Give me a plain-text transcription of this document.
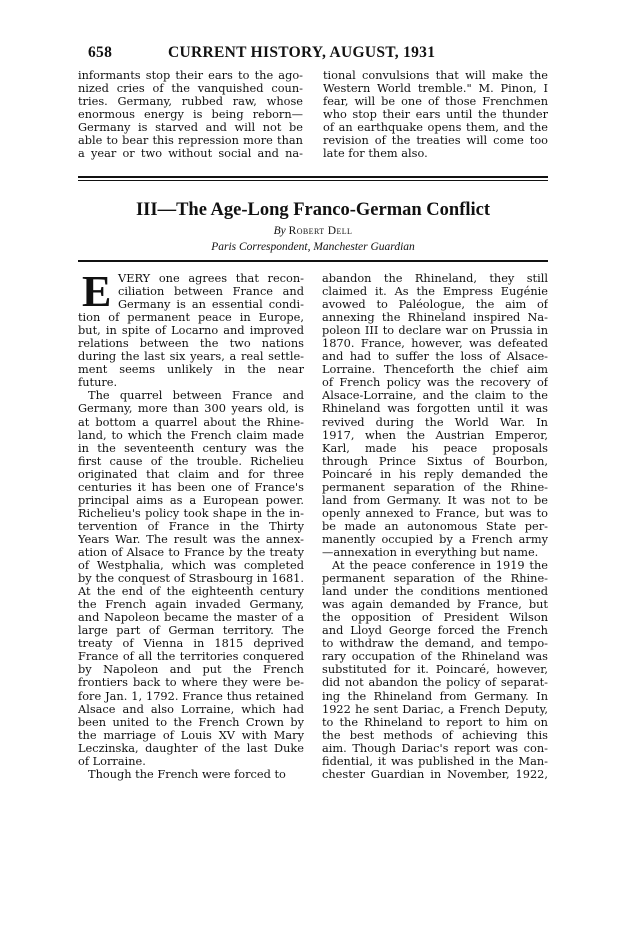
658	CURRENT HISTORY, AUGUST, 1931
informants stop their ears to the ago-
nized cries of the vanquished coun-
tries. Germany, rubbed raw, whose
enormous energy is being reborn—
Germany is starved and will not be
able to bear this repression more than
a year or two without social and na-
tional convulsions that will make the
Western World tremble." M. Pinon, I
fear, will be one of those Frenchmen
who stop their ears until the thunder
of an earthquake opens them, and the
revision of the treaties will come too
late for them also.
III—The Age-Long Franco-German Conflict
By Robert Dell
Paris Correspondent, Manchester Guardian
E VERY one agrees that recon-
ciliation between France and
Germany is an essential condi-
tion of permanent peace in Europe,
but, in spite of Locarno and improved
relations between the two nations
during the last six years, a real settle-
ment seems unlikely in the near
future.
The quarrel between France and
Germany, more than 300 years old, is
at bottom a quarrel about the Rhine-
land, to which the French claim made
in the seventeenth century was the
first cause of the trouble. Richelieu
originated that claim and for three
centuries it has been one of France's
principal aims as a European power.
Richelieu's policy took shape in the in-
tervention of France in the Thirty
Years War. The result was the annex-
ation of Alsace to France by the treaty
of Westphalia, which was completed
by the conquest of Strasbourg in 1681.
At the end of the eighteenth century
the French again invaded Germany,
and Napoleon became the master of a
large part of German territory. The
treaty of Vienna in 1815 deprived
France of all the territories conquered
by Napoleon and put the French
frontiers back to where they were be-
fore Jan. 1, 1792. France thus retained
Alsace and also Lorraine, which had
been united to the French Crown by
the marriage of Louis XV with Mary
Leczinska, daughter of the last Duke
of Lorraine.
Though the French were forced to
abandon the Rhineland, they still
claimed it. As the Empress Eugénie
avowed to Paléologue, the aim of
annexing the Rhineland inspired Na-
poleon III to declare war on Prussia in
1870. France, however, was defeated
and had to suffer the loss of Alsace-
Lorraine. Thenceforth the chief aim
of French policy was the recovery of
Alsace-Lorraine, and the claim to the
Rhineland was forgotten until it was
revived during the World War. In
1917, when the Austrian Emperor,
Karl, made his peace proposals
through Prince Sixtus of Bourbon,
Poincaré in his reply demanded the
permanent separation of the Rhine-
land from Germany. It was not to be
openly annexed to France, but was to
be made an autonomous State per-
manently occupied by a French army
—annexation in everything but name.
At the peace conference in 1919 the
permanent separation of the Rhine-
land under the conditions mentioned
was again demanded by France, but
the opposition of President Wilson
and Lloyd George forced the French
to withdraw the demand, and tempo-
rary occupation of the Rhineland was
substituted for it. Poincaré, however,
did not abandon the policy of separat-
ing the Rhineland from Germany. In
1922 he sent Dariac, a French Deputy,
to the Rhineland to report to him on
the best methods of achieving this
aim. Though Dariac's report was con-
fidential, it was published in the Man-
chester Guardian in November, 1922,
